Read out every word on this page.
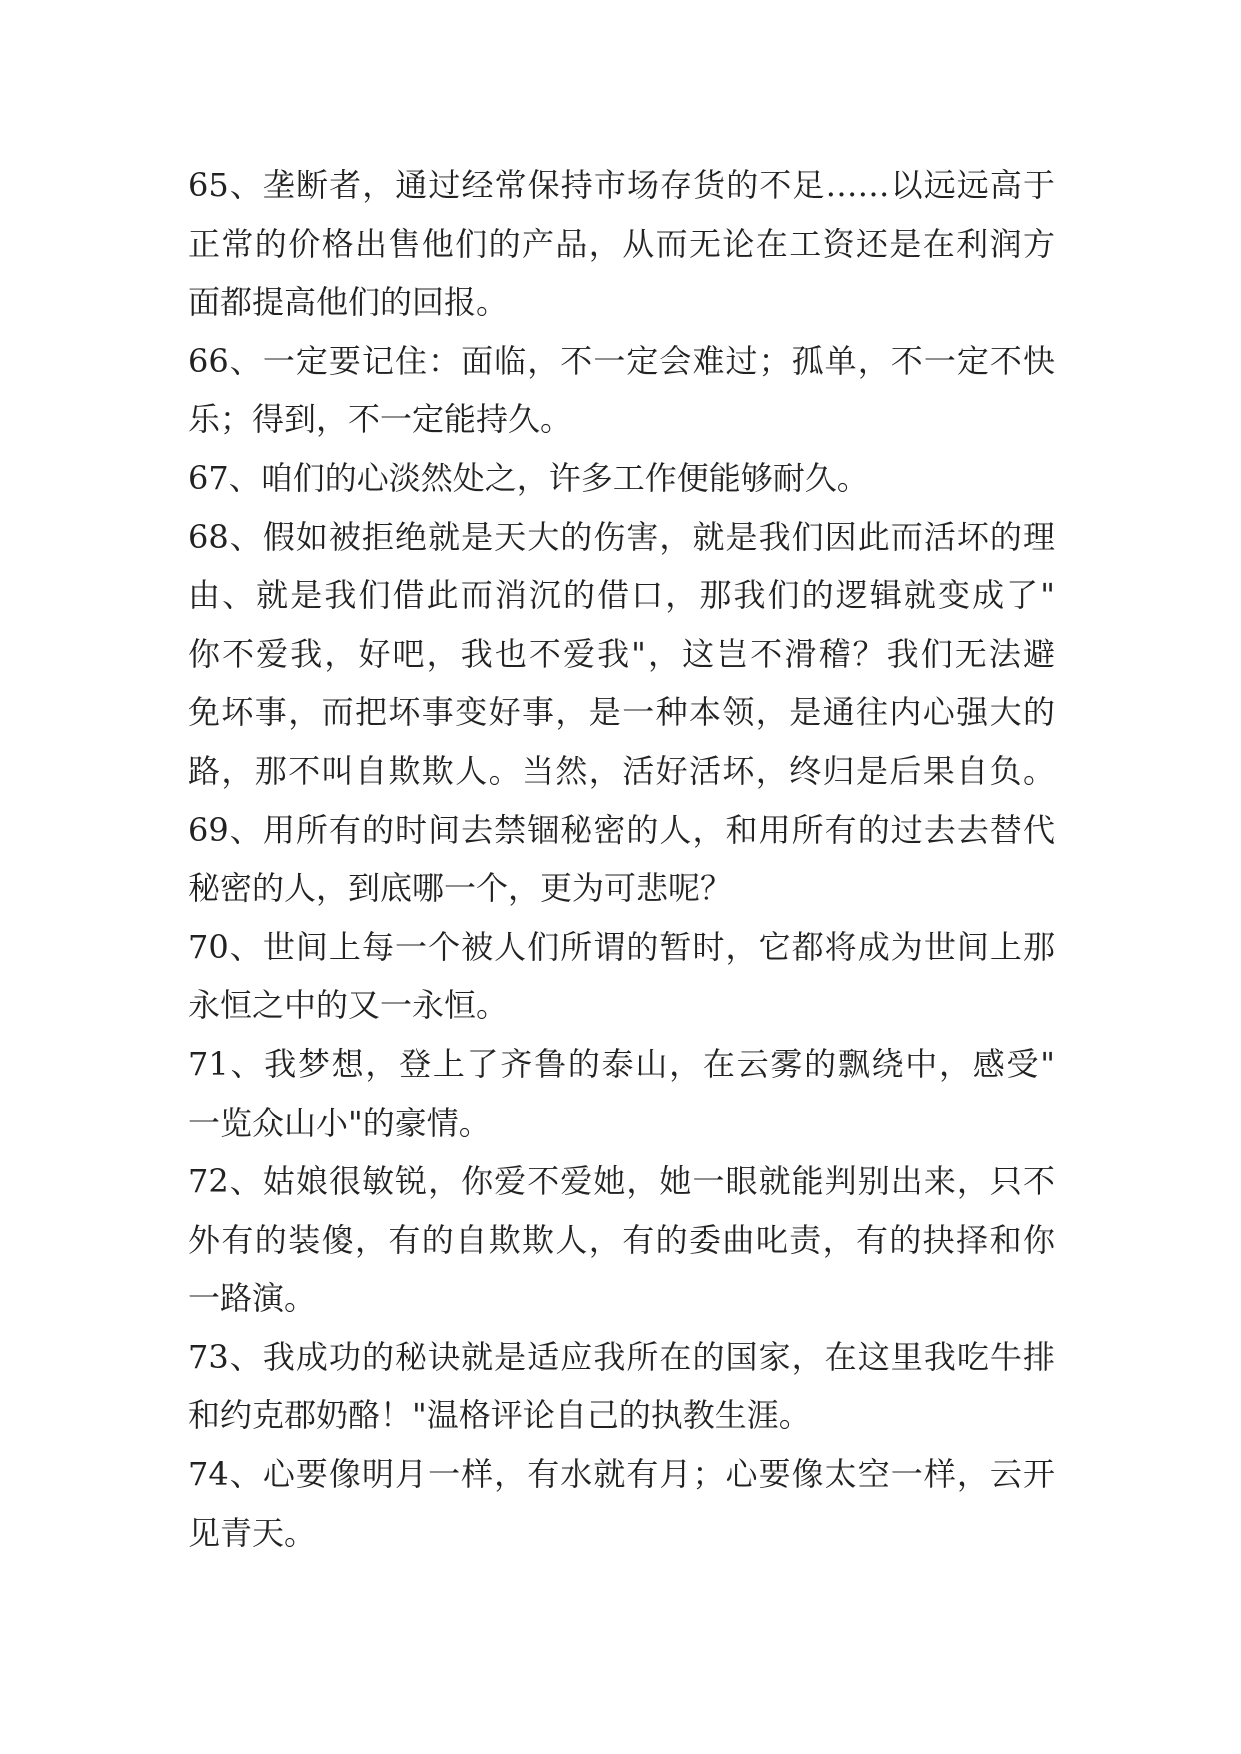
65、垄断者，通过经常保持市场存货的不足……以远远高于
正常的价格出售他们的产品，从而无论在工资还是在利润方
面都提高他们的回报。
66、一定要记住：面临，不一定会难过；孤单，不一定不快
乐；得到，不一定能持久。
67、咱们的心淡然处之，许多工作便能够耐久。
68、假如被拒绝就是天大的伤害，就是我们因此而活坏的理
由、就是我们借此而消沉的借口，那我们的逻辑就变成了"
你不爱我，好吧，我也不爱我"，这岂不滑稽？我们无法避
免坏事，而把坏事变好事，是一种本领，是通往内心强大的
路，那不叫自欺欺人。当然，活好活坏，终归是后果自负。
69、用所有的时间去禁锢秘密的人，和用所有的过去去替代
秘密的人，到底哪一个，更为可悲呢？
70、世间上每一个被人们所谓的暂时，它都将成为世间上那
永恒之中的又一永恒。
71、我梦想，登上了齐鲁的泰山，在云雾的飘绕中，感受"
一览众山小"的豪情。
72、姑娘很敏锐，你爱不爱她，她一眼就能判别出来，只不
外有的装傻，有的自欺欺人，有的委曲叱责，有的抉择和你
一路演。
73、我成功的秘诀就是适应我所在的国家，在这里我吃牛排
和约克郡奶酪！"温格评论自己的执教生涯。
74、心要像明月一样，有水就有月；心要像太空一样，云开
见青天。
